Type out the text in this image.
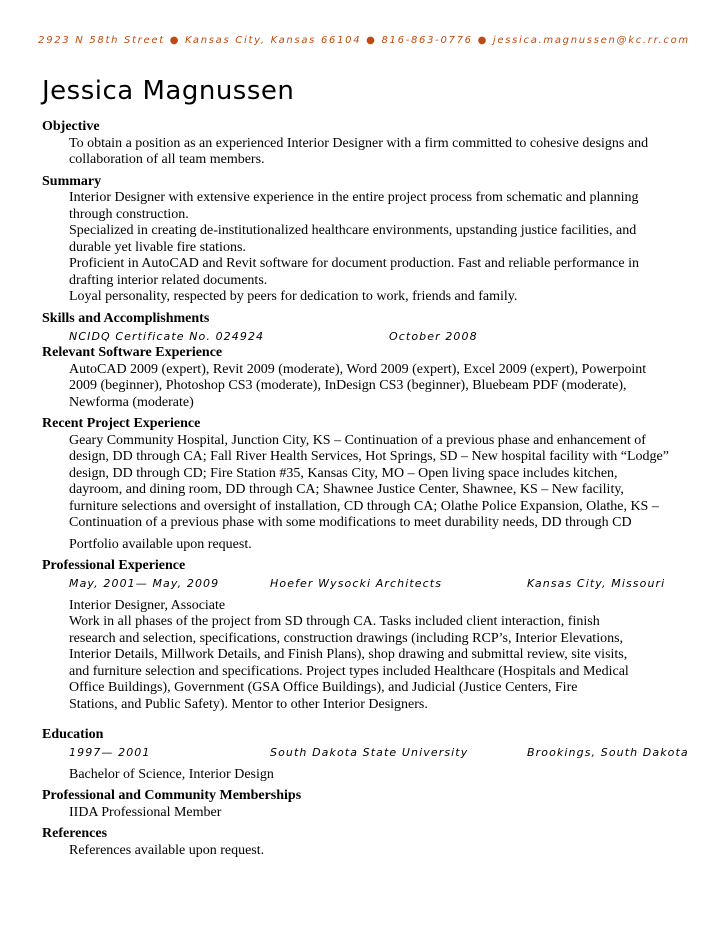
2923 N 58th Street ● Kansas City, Kansas 66104 ● 816-863-0776 ● jessica.magnussen@kc.rr.com
Jessica Magnussen
Objective

To obtain a position as an experienced Interior Designer with a firm committed to cohesive designs and

collaboration of all team members.

Summary

Interior Designer with extensive experience in the entire project process from schematic and planning

through construction.

Specialized in creating de-institutionalized healthcare environments, upstanding justice facilities, and

durable yet livable fire stations.

Proficient in AutoCAD and Revit software for document production. Fast and reliable performance in

drafting interior related documents.

Loyal personality, respected by peers for dedication to work, friends and family.

Skills and Accomplishments
NCIDQ Certificate No. 024924	October 2008
Relevant Software Experience

AutoCAD 2009 (expert), Revit 2009 (moderate), Word 2009 (expert), Excel 2009 (expert), Powerpoint

2009 (beginner), Photoshop CS3 (moderate), InDesign CS3 (beginner), Bluebeam PDF (moderate),

Newforma (moderate)

Recent Project Experience

Geary Community Hospital, Junction City, KS – Continuation of a previous phase and enhancement of

design, DD through CA; Fall River Health Services, Hot Springs, SD – New hospital facility with “Lodge”

design, DD through CD; Fire Station #35, Kansas City, MO – Open living space includes kitchen,

dayroom, and dining room, DD through CA; Shawnee Justice Center, Shawnee, KS – New facility,

furniture selections and oversight of installation, CD through CA; Olathe Police Expansion, Olathe, KS –

Continuation of a previous phase with some modifications to meet durability needs, DD through CD

Portfolio available upon request.

Professional Experience
May, 2001— May, 2009	Hoefer Wysocki Architects	Kansas City, Missouri

Interior Designer, Associate

Work in all phases of the project from SD through CA. Tasks included client interaction, finish

research and selection, specifications, construction drawings (including RCP’s, Interior Elevations,

Interior Details, Millwork Details, and Finish Plans), shop drawing and submittal review, site visits,

and furniture selection and specifications. Project types included Healthcare (Hospitals and Medical

Office Buildings), Government (GSA Office Buildings), and Judicial (Justice Centers, Fire

Stations, and Public Safety). Mentor to other Interior Designers.

Education
1997— 2001	South Dakota State University	Brookings, South Dakota

Bachelor of Science, Interior Design

Professional and Community Memberships

IIDA Professional Member

References

References available upon request.
